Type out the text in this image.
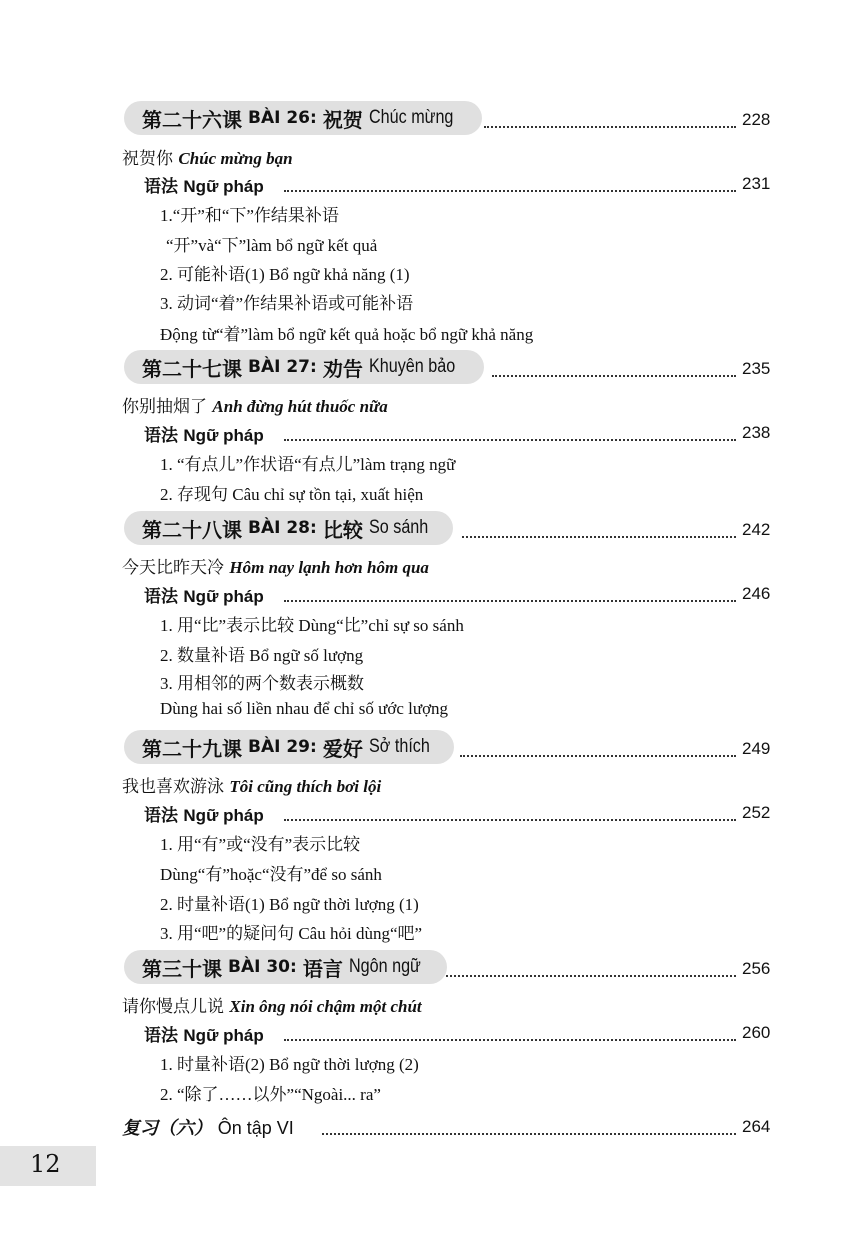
第二十六课 BÀI 26: 祝贺 Chúc mừng	228
祝贺你 Chúc mừng bạn
语法 Ngữ pháp	231
1.“开”和“下”作结果补语
“开”và“下”làm bổ ngữ kết quả
2. 可能补语(1) Bổ ngữ khả năng (1)
3. 动词“着”作结果补语或可能补语
Động từ“着”làm bổ ngữ kết quả hoặc bổ ngữ khả năng
第二十七课 BÀI 27: 劝告 Khuyên bảo	235
你别抽烟了 Anh đừng hút thuốc nữa
语法 Ngữ pháp	238
1. “有点儿”作状语“有点儿”làm trạng ngữ
2. 存现句 Câu chỉ sự tồn tại, xuất hiện
第二十八课 BÀI 28: 比较 So sánh	242
今天比昨天冷 Hôm nay lạnh hơn hôm qua
语法 Ngữ pháp	246
1. 用“比”表示比较 Dùng“比”chỉ sự so sánh
2. 数量补语 Bổ ngữ số lượng
3. 用相邻的两个数表示概数
Dùng hai số liền nhau để chỉ số ước lượng
第二十九课 BÀI 29: 爱好 Sở thích	249
我也喜欢游泳 Tôi cũng thích bơi lội
语法 Ngữ pháp	252
1. 用“有”或“没有”表示比较
Dùng“有”hoặc“没有”để so sánh
2. 时量补语(1) Bổ ngữ thời lượng (1)
3. 用“吧”的疑问句 Câu hỏi dùng“吧”
第三十课 BÀI 30: 语言 Ngôn ngữ	256
请你慢点儿说 Xin ông nói chậm một chút
语法 Ngữ pháp	260
1. 时量补语(2) Bổ ngữ thời lượng (2)
2. “除了……以外”“Ngoài... ra”
复习（六） Ôn tập VI	264
12
